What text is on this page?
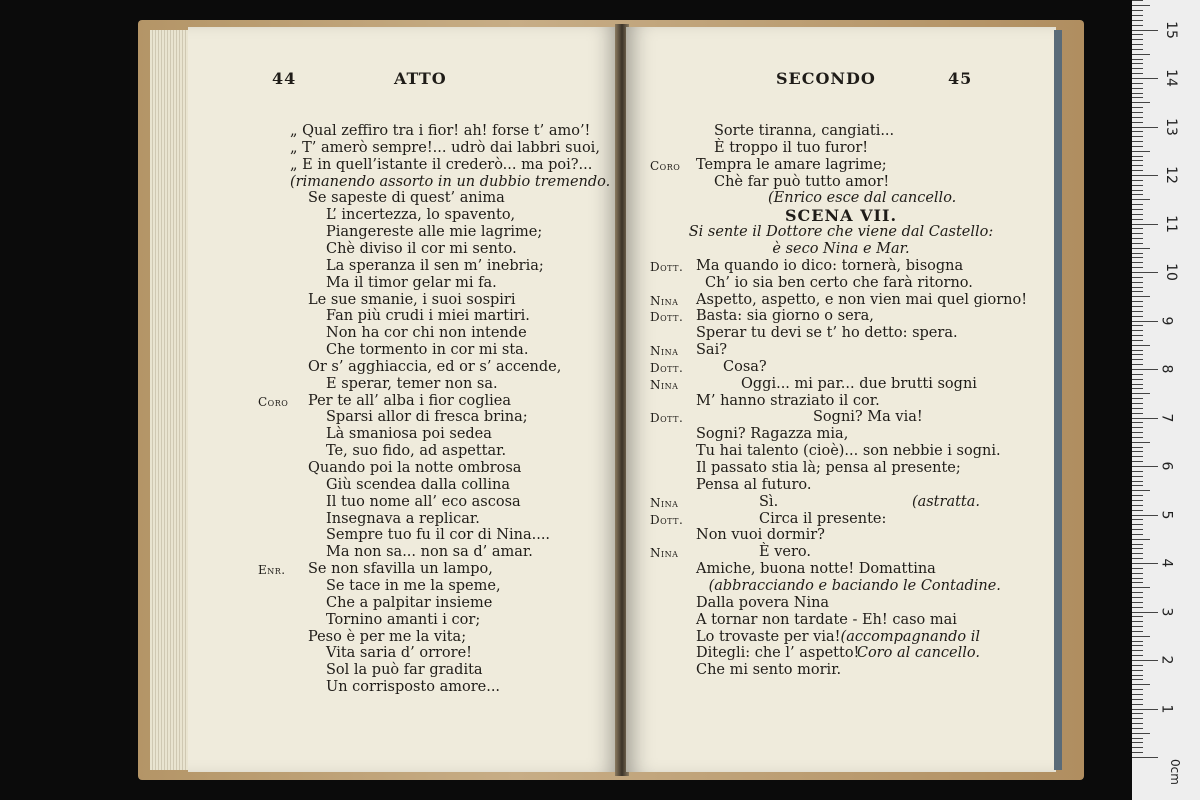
44	ATTO
„ Qual zeffiro tra i fior! ah! forse t’ amo’!
„ T’ amerò sempre!... udrò dai labbri suoi,
„ E in quell’istante il crederò... ma poi?...
(rimanendo assorto in un dubbio tremendo.
Se sapeste di quest’ anima
L’ incertezza, lo spavento,
Piangereste alle mie lagrime;
Chè diviso il cor mi sento.
La speranza il sen m’ inebria;
Ma il timor gelar mi fa.
Le sue smanie, i suoi sospiri
Fan più crudi i miei martiri.
Non ha cor chi non intende
Che tormento in cor mi sta.
Or s’ agghiaccia, ed or s’ accende,
E sperar, temer non sa.
Coro Per te all’ alba i fior cogliea
Sparsi allor di fresca brina;
Là smaniosa poi sedea
Te, suo fido, ad aspettar.
Quando poi la notte ombrosa
Giù scendea dalla collina
Il tuo nome all’ eco ascosa
Insegnava a replicar.
Sempre tuo fu il cor di Nina....
Ma non sa... non sa d’ amar.
Enr. Se non sfavilla un lampo,
Se tace in me la speme,
Che a palpitar insieme
Tornino amanti i cor;
Peso è per me la vita;
Vita saria d’ orrore!
Sol la può far gradita
Un corrisposto amore...
SECONDO	45
Sorte tiranna, cangiati...
È troppo il tuo furor!
Coro Tempra le amare lagrime;
Chè far può tutto amor!
(Enrico esce dal cancello.
SCENA VII.
Si sente il Dottore che viene dal Castello:
è seco Nina e Mar.
Dott. Ma quando io dico: tornerà, bisogna
Ch’ io sia ben certo che farà ritorno.
Nina Aspetto, aspetto, e non vien mai quel giorno!
Dott. Basta: sia giorno o sera,
Sperar tu devi se t’ ho detto: spera.
Nina Sai?
Dott.	Cosa?
Nina	Oggi... mi par... due brutti sogni
M’ hanno straziato il cor.
Dott.	Sogni? Ma via!
Sogni? Ragazza mia,
Tu hai talento (cioè)... son nebbie i sogni.
Il passato stia là; pensa al presente;
Pensa al futuro.
Nina	Sì.
Dott.	Circa il presente:
Non vuoi dormir?
Nina	È vero.
Amiche, buona notte! Domattina
(abbracciando e baciando le Contadine.
Dalla povera Nina
A tornar non tardate - Eh! caso mai
Lo trovaste per via!
Ditegli: che l’ aspetto!
Che mi sento morir.
(astratta.
(accompagnando il
Coro al cancello.
0cm
15
14
13
12
11
10
9
8
7
6
5
4
3
2
1
